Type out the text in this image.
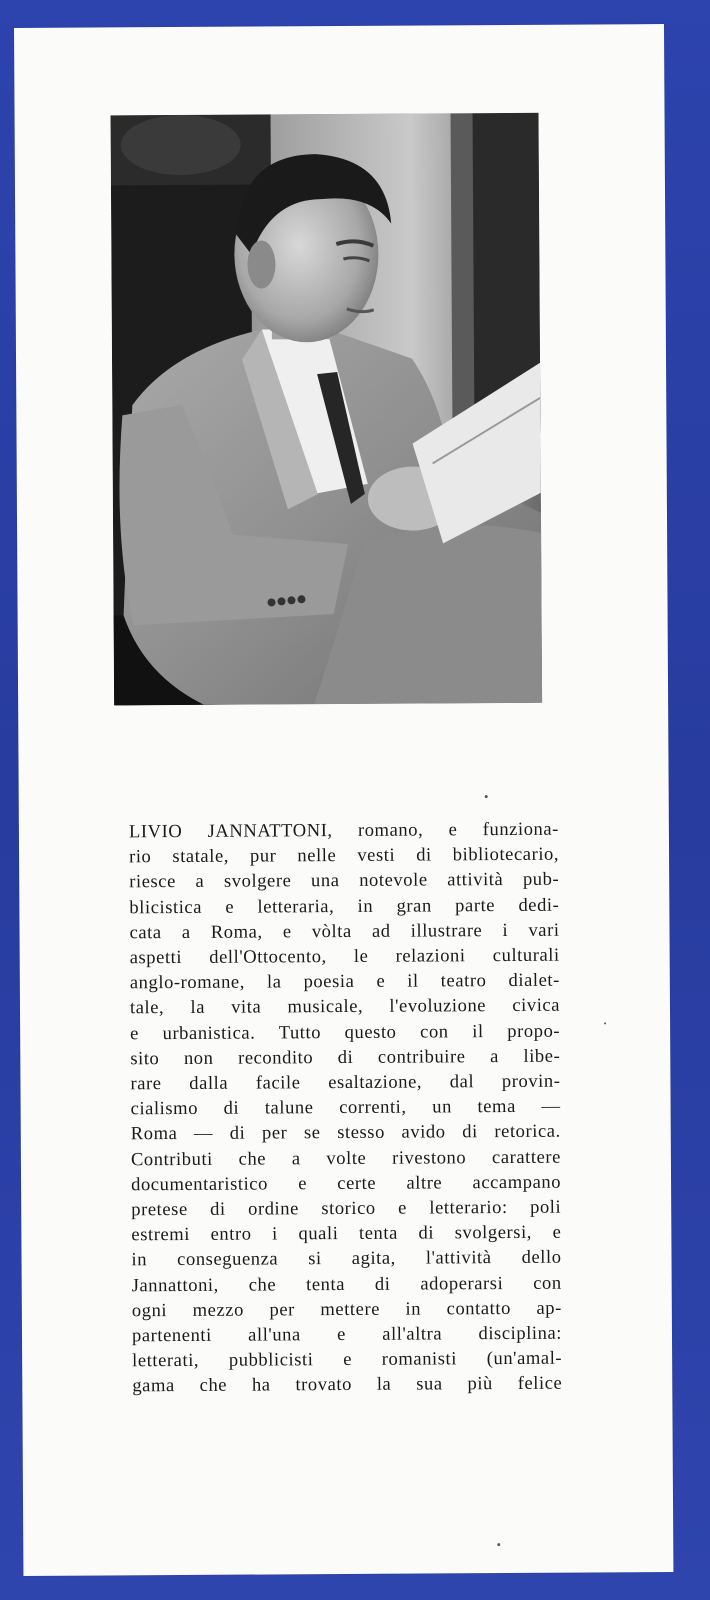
LIVIO JANNATTONI, romano, e funziona-
rio statale, pur nelle vesti di bibliotecario,
riesce a svolgere una notevole attività pub-
blicistica e letteraria, in gran parte dedi-
cata a Roma, e vòlta ad illustrare i vari
aspetti dell'Ottocento, le relazioni culturali
anglo-romane, la poesia e il teatro dialet-
tale, la vita musicale, l'evoluzione civica
e urbanistica. Tutto questo con il propo-
sito non recondito di contribuire a libe-
rare dalla facile esaltazione, dal provin-
cialismo di talune correnti, un tema —
Roma — di per se stesso avido di retorica.
Contributi che a volte rivestono carattere
documentaristico e certe altre accampano
pretese di ordine storico e letterario: poli
estremi entro i quali tenta di svolgersi, e
in conseguenza si agita, l'attività dello
Jannattoni, che tenta di adoperarsi con
ogni mezzo per mettere in contatto ap-
partenenti all'una e all'altra disciplina:
letterati, pubblicisti e romanisti (un'amal-
gama che ha trovato la sua più felice
